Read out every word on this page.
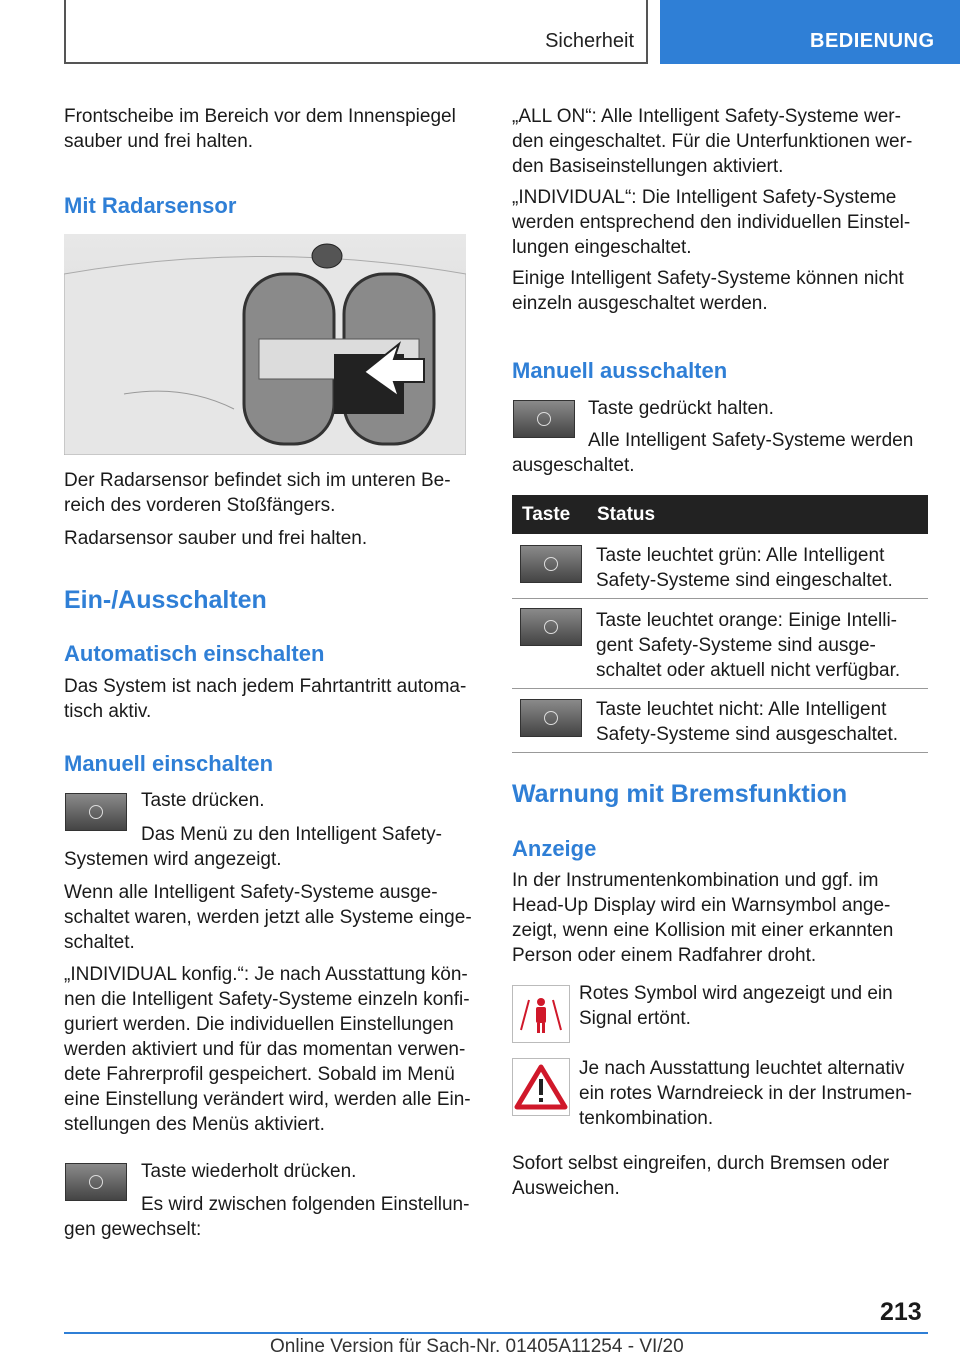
Sicherheit	BEDIENUNG

Frontscheibe im Bereich vor dem Innenspiegel sauber und frei halten.

Mit Radarsensor

Der Radarsensor befindet sich im unteren Be-reich des vorderen Stoßfängers.

Radarsensor sauber und frei halten.

Ein-/Ausschalten
Automatisch einschalten

Das System ist nach jedem Fahrtantritt automa-tisch aktiv.

Manuell einschalten

Taste drücken.

Das Menü zu den Intelligent Safety-Systemen wird angezeigt.

Wenn alle Intelligent Safety-Systeme ausge-schaltet waren, werden jetzt alle Systeme einge-schaltet.

„INDIVIDUAL konfig.“: Je nach Ausstattung kön-nen die Intelligent Safety-Systeme einzeln konfi-guriert werden. Die individuellen Einstellungen werden aktiviert und für das momentan verwen-dete Fahrerprofil gespeichert. Sobald im Menü eine Einstellung verändert wird, werden alle Ein-stellungen des Menüs aktiviert.

Taste wiederholt drücken.

Es wird zwischen folgenden Einstellun-gen gewechselt:

„ALL ON“: Alle Intelligent Safety-Systeme wer-den eingeschaltet. Für die Unterfunktionen wer-den Basiseinstellungen aktiviert.

„INDIVIDUAL“: Die Intelligent Safety-Systeme werden entsprechend den individuellen Einstel-lungen eingeschaltet.

Einige Intelligent Safety-Systeme können nicht einzeln ausgeschaltet werden.

Manuell ausschalten

Taste gedrückt halten.

Alle Intelligent Safety-Systeme werden ausgeschaltet.

Taste Status

Taste leuchtet grün: Alle Intelligent Safety-Systeme sind eingeschaltet.

Taste leuchtet orange: Einige Intelli-gent Safety-Systeme sind ausge-schaltet oder aktuell nicht verfügbar.

Taste leuchtet nicht: Alle Intelligent Safety-Systeme sind ausgeschaltet.

Warnung mit Bremsfunktion
Anzeige

In der Instrumentenkombination und ggf. im Head-Up Display wird ein Warnsymbol ange-zeigt, wenn eine Kollision mit einer erkannten Person oder einem Radfahrer droht.

Rotes Symbol wird angezeigt und ein Signal ertönt.

Je nach Ausstattung leuchtet alternativ ein rotes Warndreieck in der Instrumen-tenkombination.

Sofort selbst eingreifen, durch Bremsen oder Ausweichen.

213
Online Version für Sach-Nr. 01405A11254 - VI/20
